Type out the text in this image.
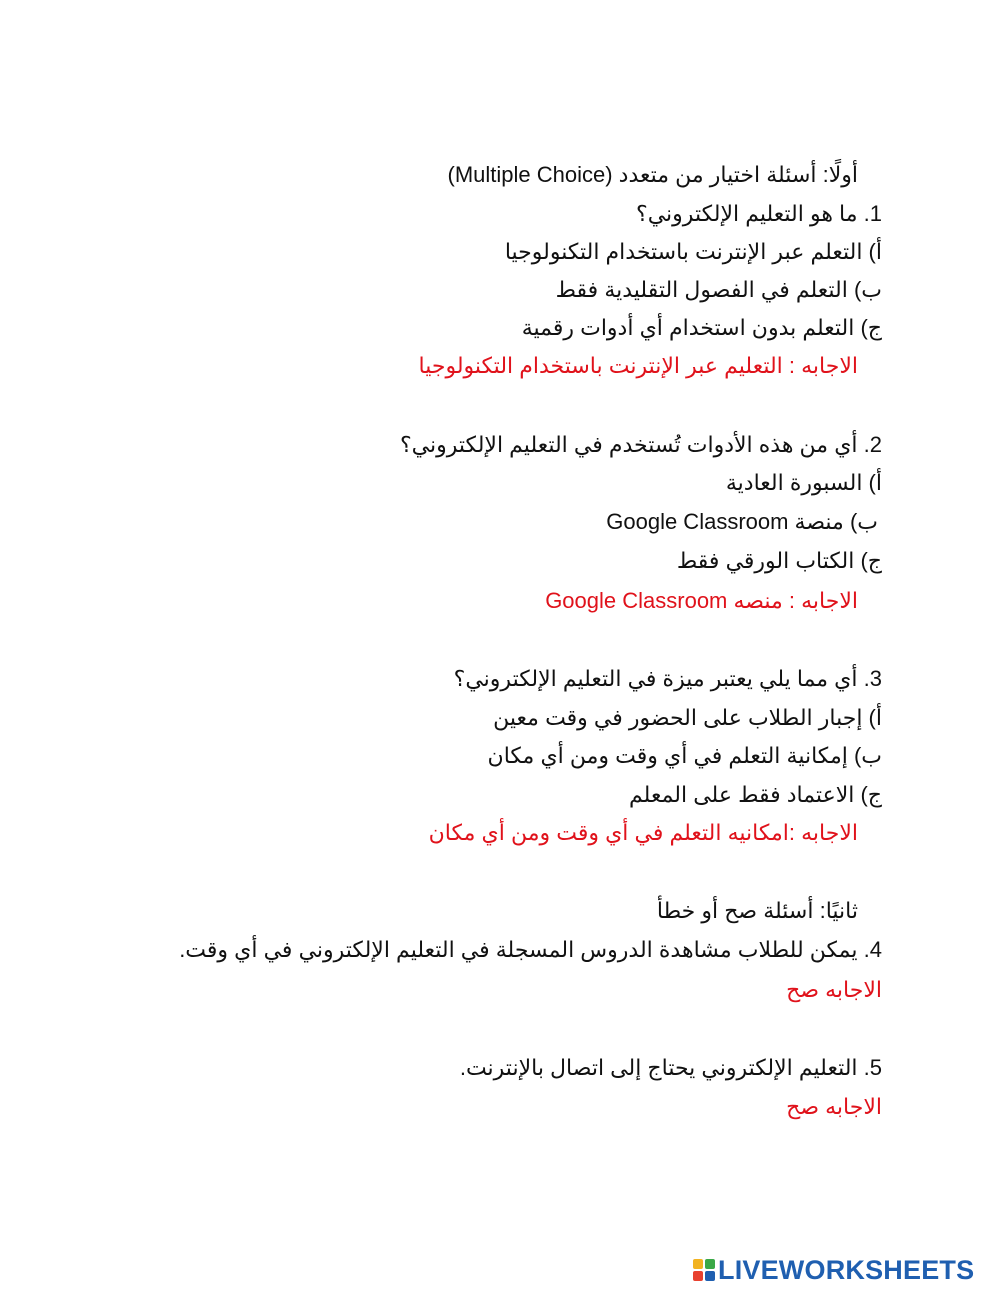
أولًا: أسئلة اختيار من متعدد (Multiple Choice)
1. ما هو التعليم الإلكتروني؟
أ) التعلم عبر الإنترنت باستخدام التكنولوجيا
ب) التعلم في الفصول التقليدية فقط
ج) التعلم بدون استخدام أي أدوات رقمية
الاجابه : التعليم عبر الإنترنت باستخدام التكنولوجيا
2. أي من هذه الأدوات تُستخدم في التعليم الإلكتروني؟
أ) السبورة العادية
ب) منصة Google Classroom
ج) الكتاب الورقي فقط
الاجابه : منصه Google Classroom
3. أي مما يلي يعتبر ميزة في التعليم الإلكتروني؟
أ) إجبار الطلاب على الحضور في وقت معين
ب) إمكانية التعلم في أي وقت ومن أي مكان
ج) الاعتماد فقط على المعلم
الاجابه :امكانيه التعلم في أي وقت ومن أي مكان
ثانيًا: أسئلة صح أو خطأ
4. يمكن للطلاب مشاهدة الدروس المسجلة في التعليم الإلكتروني في أي وقت.
الاجابه صح
5. التعليم الإلكتروني يحتاج إلى اتصال بالإنترنت.
الاجابه صح
LIVEWORKSHEETS
